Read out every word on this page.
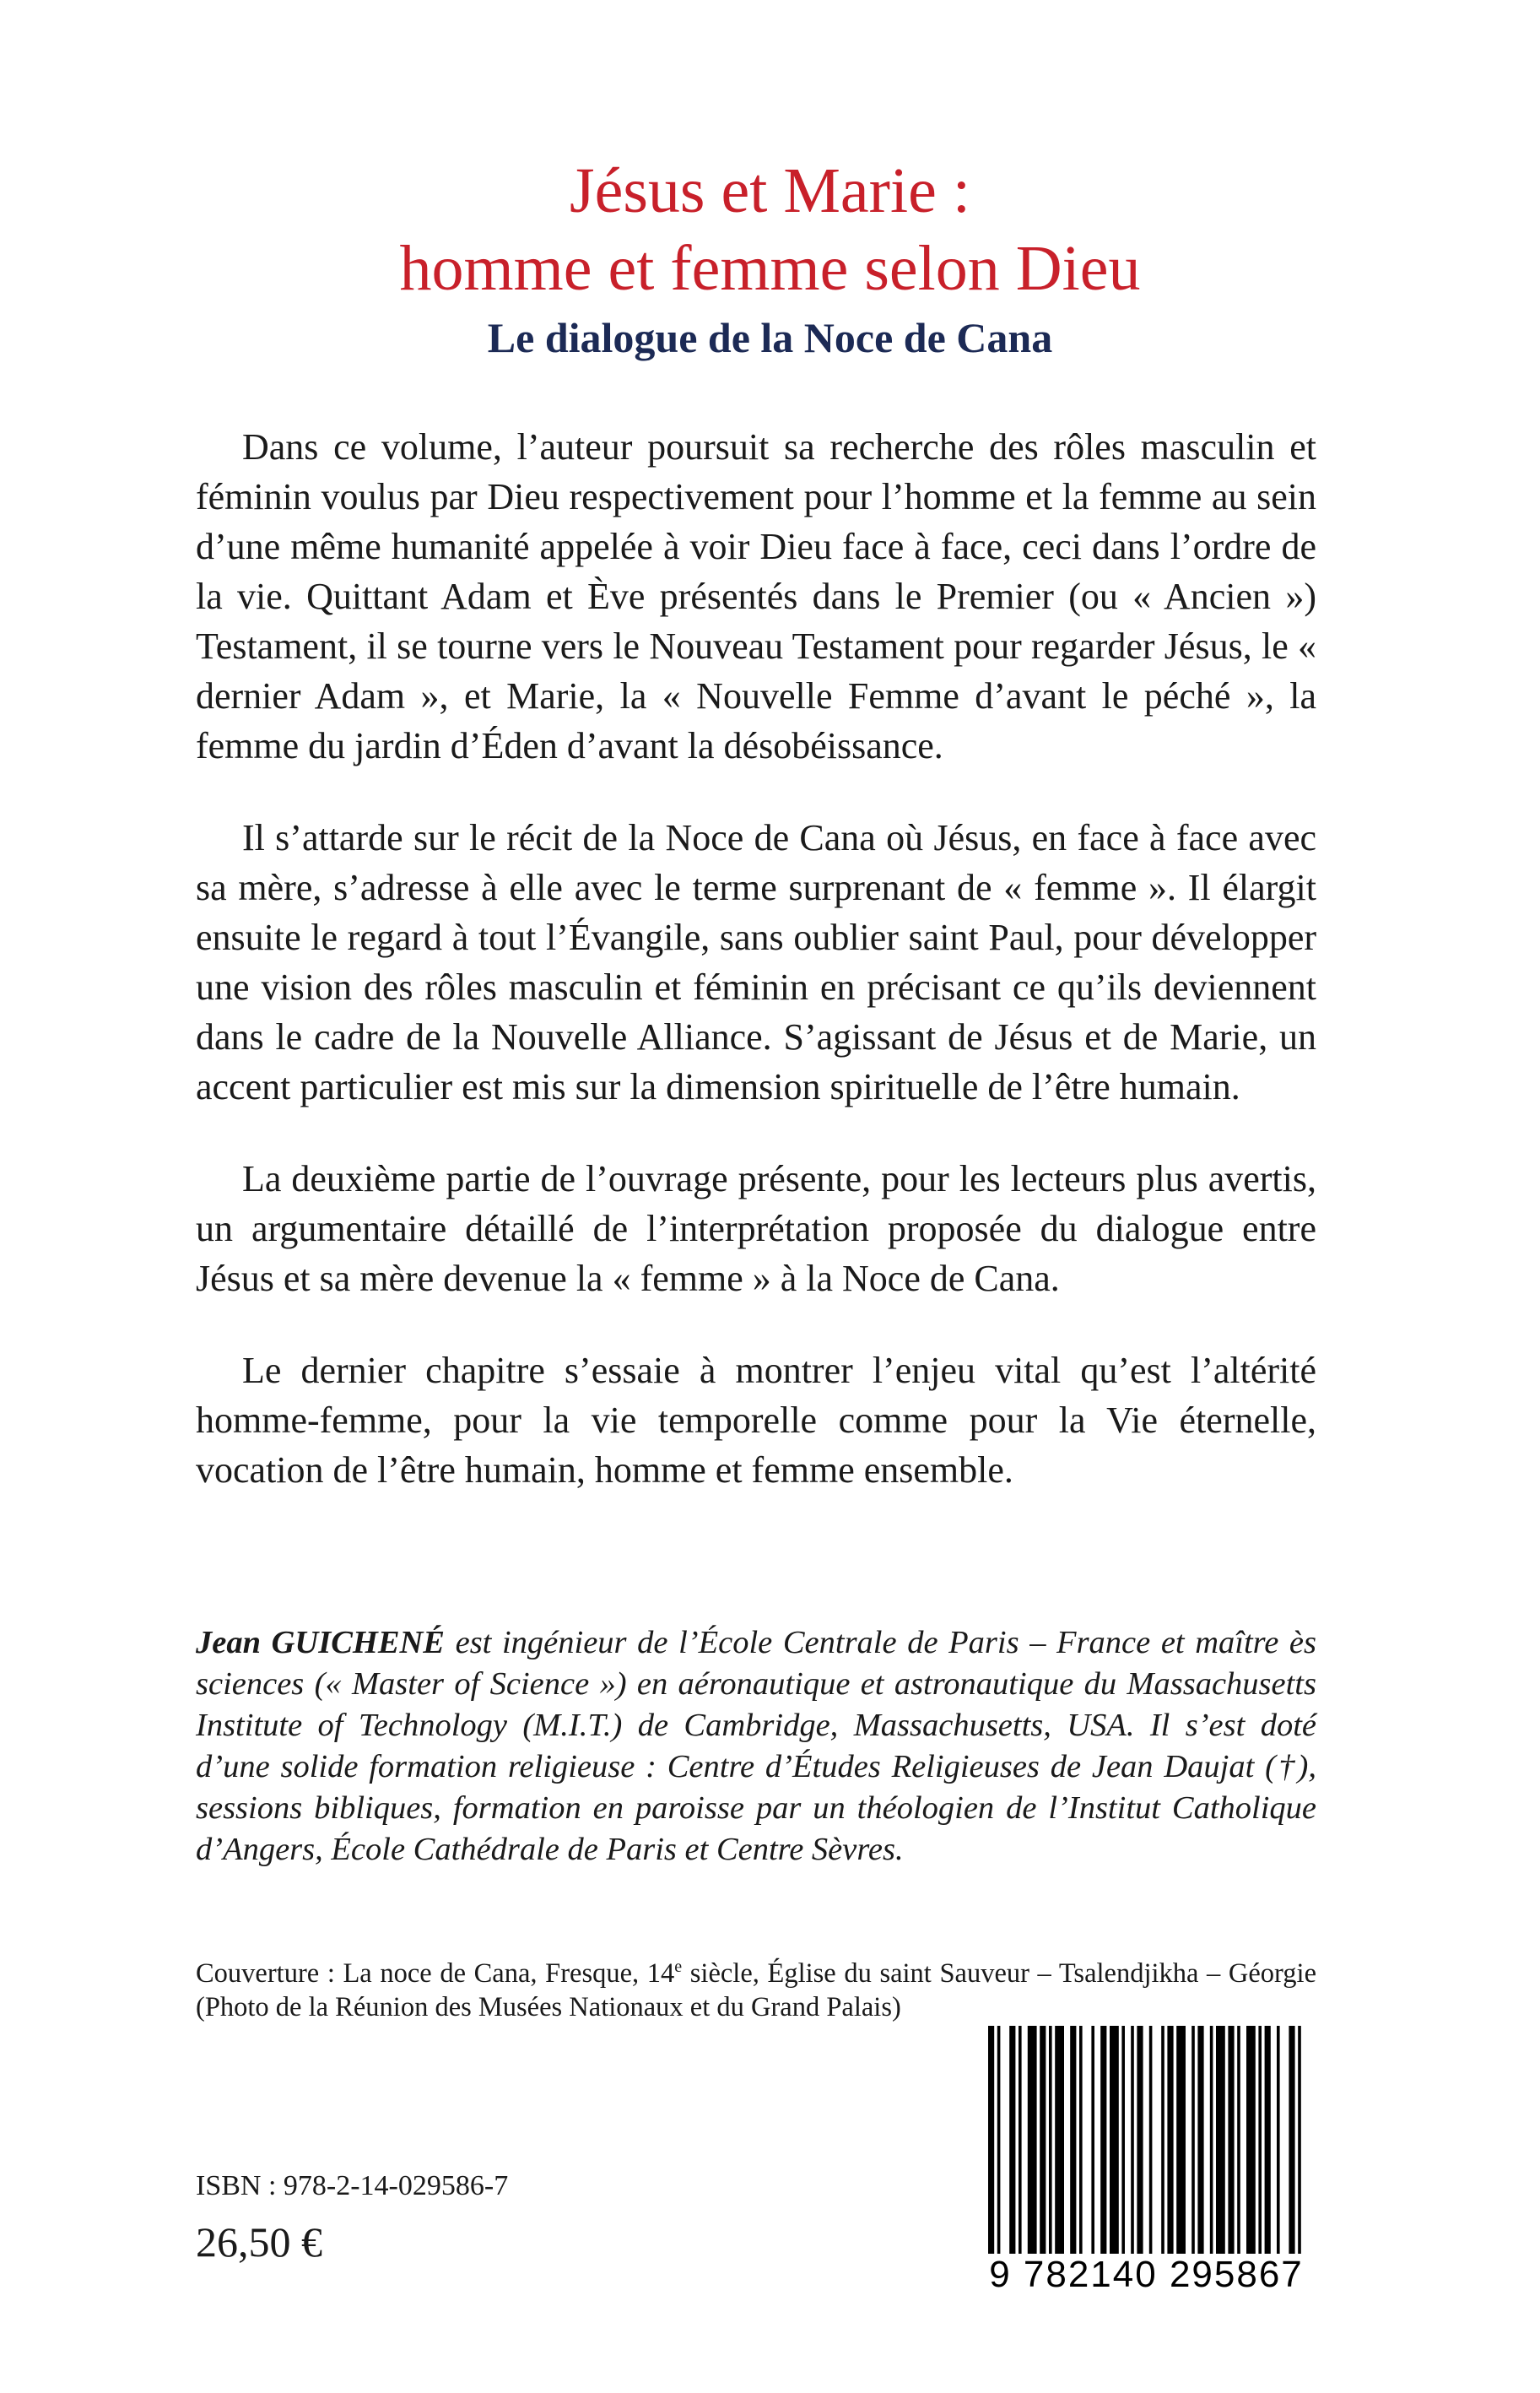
Jésus et Marie :
homme et femme selon Dieu
Le dialogue de la Noce de Cana

Dans ce volume, l’auteur poursuit sa recherche des rôles masculin et féminin voulus par Dieu respectivement pour l’homme et la femme au sein d’une même humanité appelée à voir Dieu face à face, ceci dans l’ordre de la vie. Quittant Adam et Ève présentés dans le Premier (ou « Ancien ») Testament, il se tourne vers le Nouveau Testament pour regarder Jésus, le « dernier Adam », et Marie, la « Nouvelle Femme d’avant le péché », la femme du jardin d’Éden d’avant la désobéissance.

Il s’attarde sur le récit de la Noce de Cana où Jésus, en face à face avec sa mère, s’adresse à elle avec le terme surprenant de « femme ». Il élargit ensuite le regard à tout l’Évangile, sans oublier saint Paul, pour développer une vision des rôles masculin et féminin en précisant ce qu’ils deviennent dans le cadre de la Nouvelle Alliance. S’agissant de Jésus et de Marie, un accent particulier est mis sur la dimension spirituelle de l’être humain.

La deuxième partie de l’ouvrage présente, pour les lecteurs plus avertis, un argumentaire détaillé de l’interprétation proposée du dialogue entre Jésus et sa mère devenue la « femme » à la Noce de Cana.

Le dernier chapitre s’essaie à montrer l’enjeu vital qu’est l’altérité homme-femme, pour la vie temporelle comme pour la Vie éternelle, vocation de l’être humain, homme et femme ensemble.

Jean GUICHENÉ est ingénieur de l’École Centrale de Paris – France et maître ès sciences (« Master of Science ») en aéronautique et astronautique du Massachusetts Institute of Technology (M.I.T.) de Cambridge, Massachusetts, USA. Il s’est doté d’une solide formation religieuse : Centre d’Études Religieuses de Jean Daujat (†), sessions bibliques, formation en paroisse par un théologien de l’Institut Catholique d’Angers, École Cathédrale de Paris et Centre Sèvres.

Couverture : La noce de Cana, Fresque, 14e siècle, Église du saint Sauveur – Tsalendjikha – Géorgie (Photo de la Réunion des Musées Nationaux et du Grand Palais)

ISBN : 978-2-14-029586-7

26,50 €

9 782140 295867
